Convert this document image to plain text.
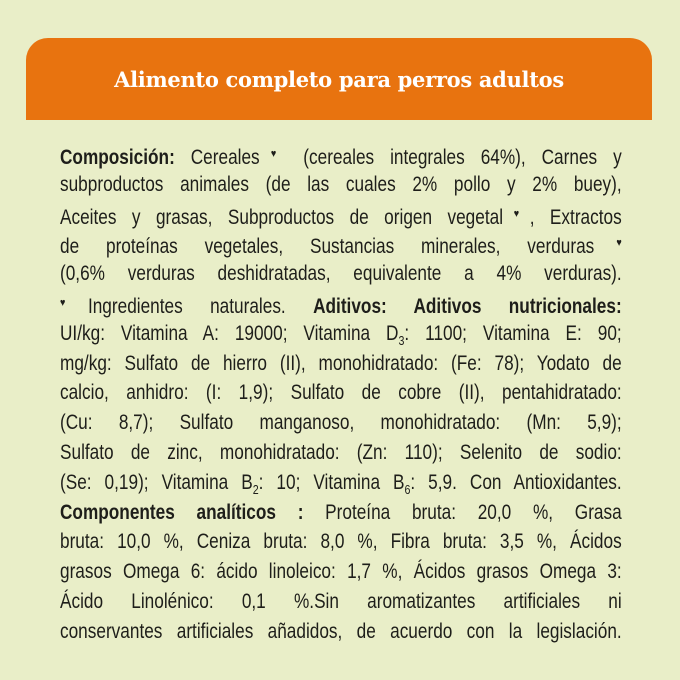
Alimento completo para perros adultos
Composición: Cereales♥ (cereales integrales 64%), Carnes y
subproductos animales (de las cuales 2% pollo y 2% buey),
Aceites y grasas, Subproductos de origen vegetal♥, Extractos
de proteínas vegetales, Sustancias minerales, verduras♥
(0,6% verduras deshidratadas, equivalente a 4% verduras).
♥Ingredientes naturales. Aditivos: Aditivos nutricionales:
UI/kg: Vitamina A: 19000; Vitamina $D_3$: 1100; Vitamina E: 90;
mg/kg: Sulfato de hierro (II), monohidratado: (Fe: 78); Yodato de
calcio, anhidro: (I: 1,9); Sulfato de cobre (II), pentahidratado:
(Cu: 8,7); Sulfato manganoso, monohidratado: (Mn: 5,9);
Sulfato de zinc, monohidratado: (Zn: 110); Selenito de sodio:
(Se: 0,19); Vitamina $B_2$: 10; Vitamina $B_6$: 5,9. Con Antioxidantes.
Componentes analíticos : Proteína bruta: 20,0 %, Grasa
bruta: 10,0 %, Ceniza bruta: 8,0 %, Fibra bruta: 3,5 %, Ácidos
grasos Omega 6: ácido linoleico: 1,7 %, Ácidos grasos Omega 3:
Ácido Linolénico: 0,1 %.Sin aromatizantes artificiales ni
conservantes artificiales añadidos, de acuerdo con la legislación.
